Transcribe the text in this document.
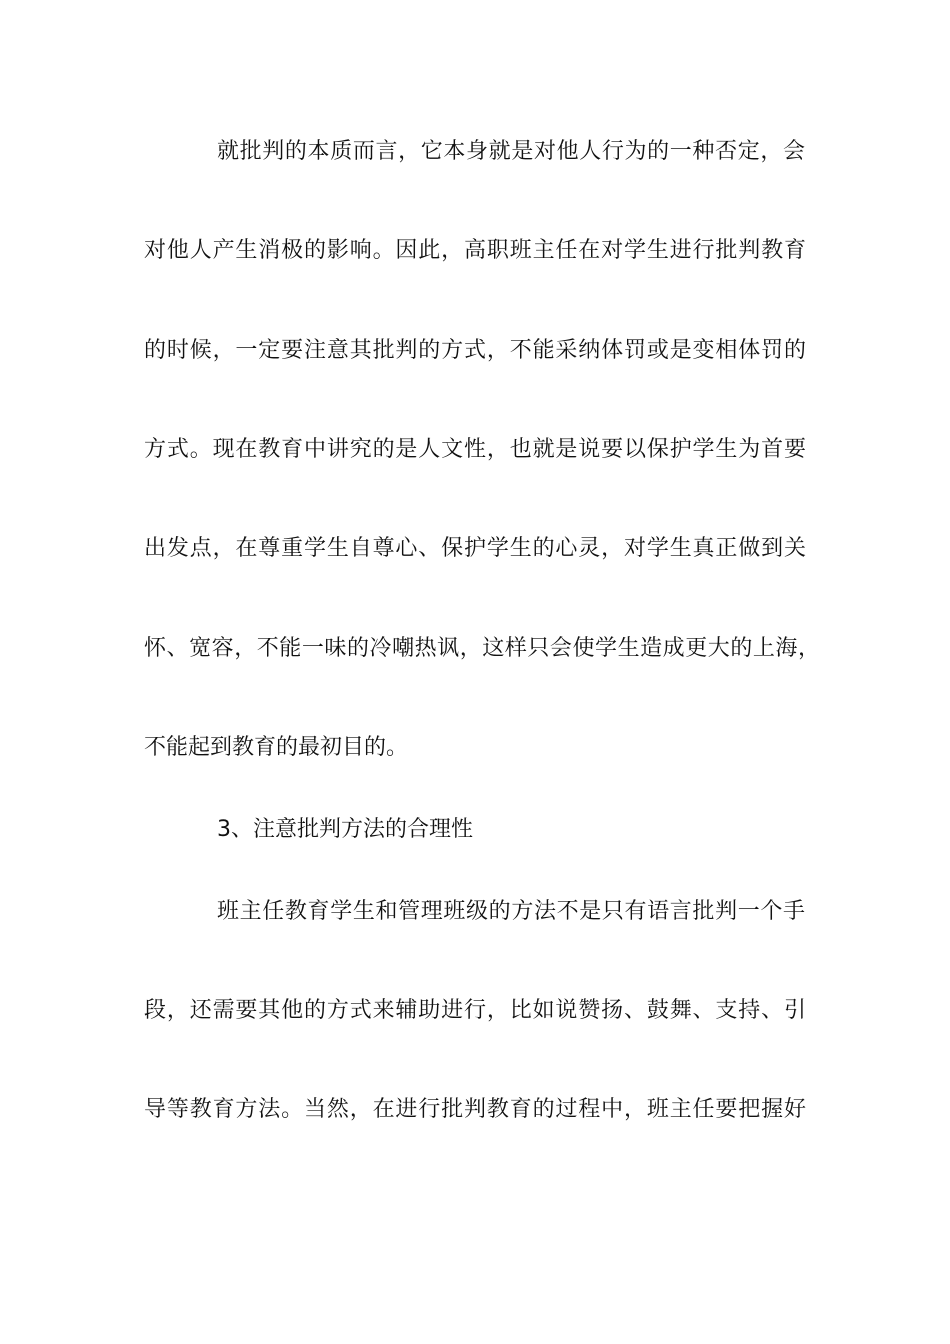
就批判的本质而言，它本身就是对他人行为的一种否定，会
对他人产生消极的影响。因此，高职班主任在对学生进行批判教育
的时候，一定要注意其批判的方式，不能采纳体罚或是变相体罚的
方式。现在教育中讲究的是人文性，也就是说要以保护学生为首要
出发点，在尊重学生自尊心、保护学生的心灵，对学生真正做到关
怀、宽容，不能一味的冷嘲热讽，这样只会使学生造成更大的上海，
不能起到教育的最初目的。
3、注意批判方法的合理性
班主任教育学生和管理班级的方法不是只有语言批判一个手
段，还需要其他的方式来辅助进行，比如说赞扬、鼓舞、支持、引
导等教育方法。当然，在进行批判教育的过程中，班主任要把握好
